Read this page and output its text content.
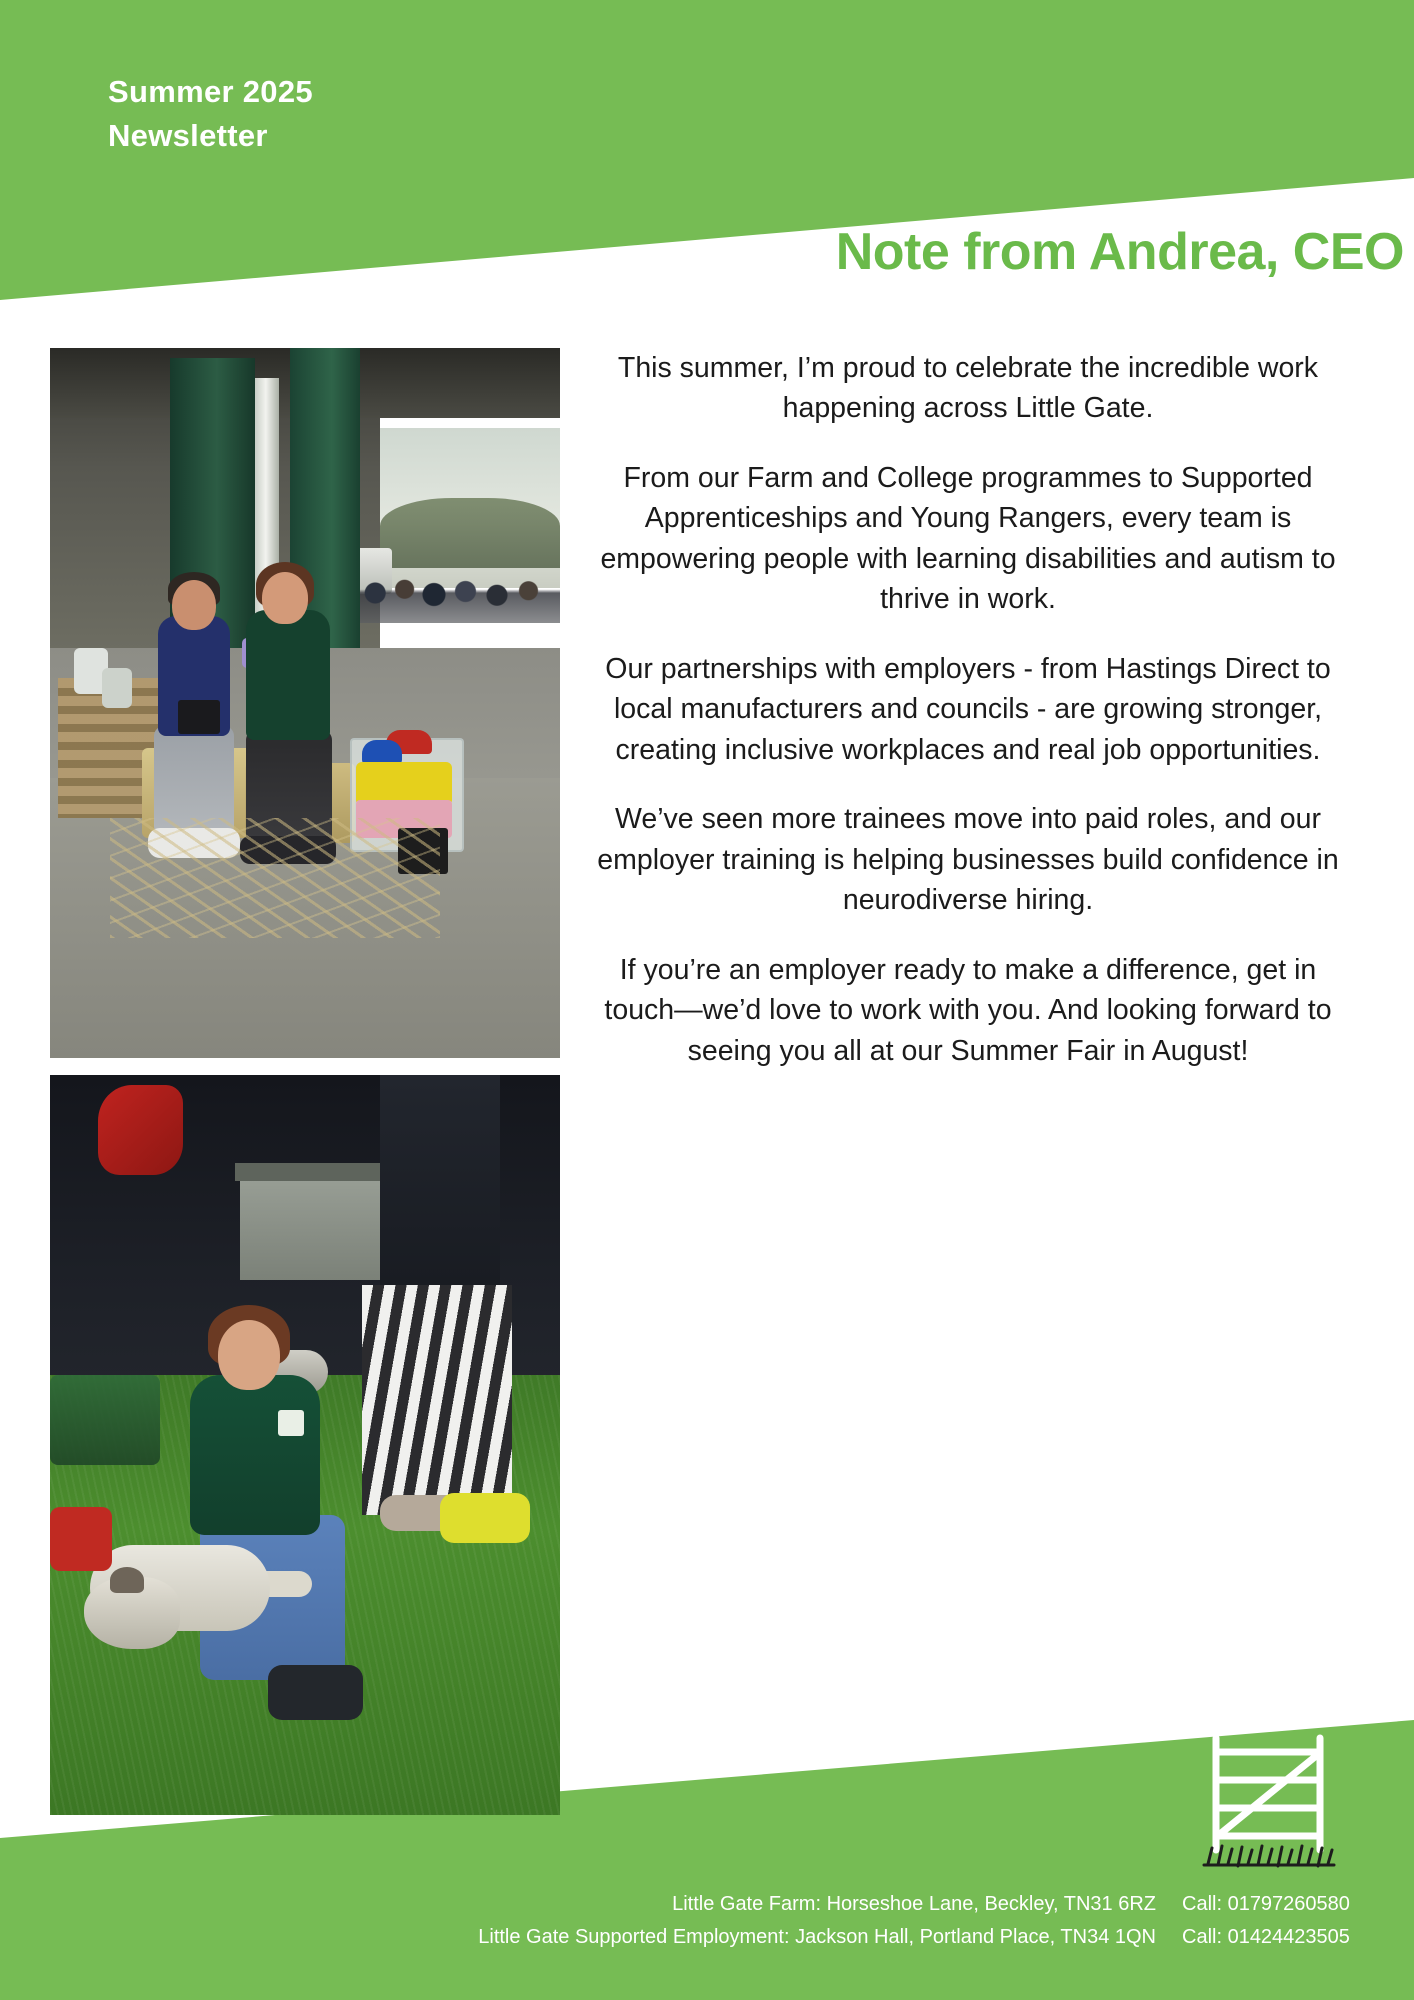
Summer 2025
Newsletter
Note from Andrea, CEO

This summer, I’m proud to celebrate the incredible work happening across Little Gate.

From our Farm and College programmes to Supported Apprenticeships and Young Rangers, every team is empowering people with learning disabilities and autism to thrive in work.

Our partnerships with employers - from Hastings Direct to local manufacturers and councils - are growing stronger, creating inclusive workplaces and real job opportunities.

We’ve seen more trainees move into paid roles, and our employer training is helping businesses build confidence in neurodiverse hiring.

If you’re an employer ready to make a difference, get in touch—we’d love to work with you. And looking forward to seeing you all at our Summer Fair in August!

Little Gate Farm: Horseshoe Lane, Beckley, TN31 6RZ Call: 01797260580
Little Gate Supported Employment: Jackson Hall, Portland Place, TN34 1QN Call: 01424423505
